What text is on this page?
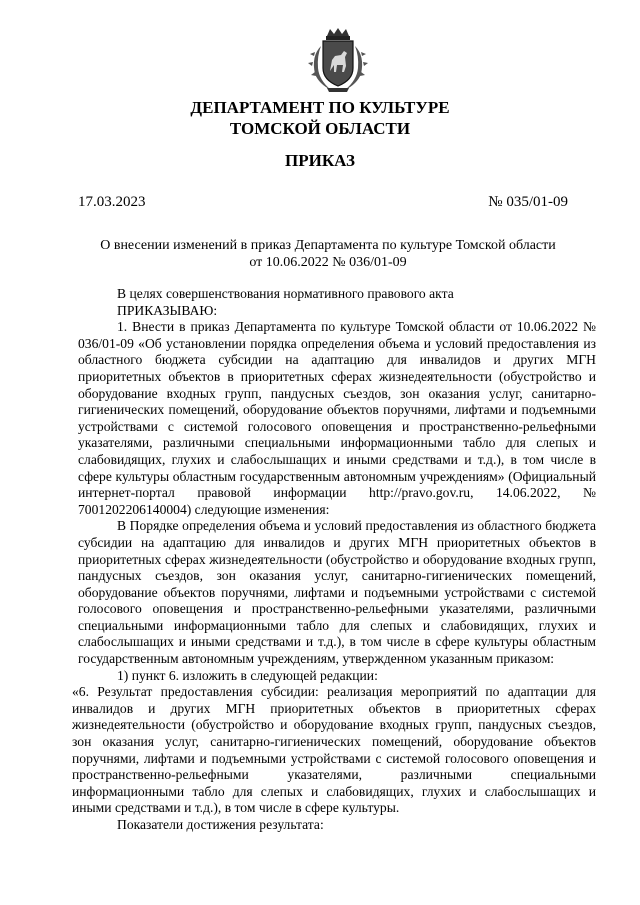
ДЕПАРТАМЕНТ ПО КУЛЬТУРЕ
ТОМСКОЙ ОБЛАСТИ
ПРИКАЗ
17.03.2023	№ 035/01-09
О внесении изменений в приказ Департамента по культуре Томской области
от 10.06.2022 № 036/01-09

В целях совершенствования нормативного правового акта

ПРИКАЗЫВАЮ:

1. Внести в приказ Департамента по культуре Томской области от 10.06.2022 № 036/01-09 «Об установлении порядка определения объема и условий предоставления из областного бюджета субсидии на адаптацию для инвалидов и других МГН приоритетных объектов в приоритетных сферах жизнедеятельности (обустройство и оборудование входных групп, пандусных съездов, зон оказания услуг, санитарно-гигиенических помещений, оборудование объектов поручнями, лифтами и подъемными устройствами с системой голосового оповещения и пространственно-рельефными указателями, различными специальными информационными табло для слепых и слабовидящих, глухих и слабослышащих и иными средствами и т.д.), в том числе в сфере культуры областным государственным автономным учреждениям» (Официальный интернет-портал правовой информации http://pravo.gov.ru, 14.06.2022, № 7001202206140004) следующие изменения:

В Порядке определения объема и условий предоставления из областного бюджета субсидии на адаптацию для инвалидов и других МГН приоритетных объектов в приоритетных сферах жизнедеятельности (обустройство и оборудование входных групп, пандусных съездов, зон оказания услуг, санитарно-гигиенических помещений, оборудование объектов поручнями, лифтами и подъемными устройствами с системой голосового оповещения и пространственно-рельефными указателями, различными специальными информационными табло для слепых и слабовидящих, глухих и слабослышащих и иными средствами и т.д.), в том числе в сфере культуры областным государственным автономным учреждениям, утвержденном указанным приказом:

1) пункт 6. изложить в следующей редакции:

«6. Результат предоставления субсидии: реализация мероприятий по адаптации для инвалидов и других МГН приоритетных объектов в приоритетных сферах жизнедеятельности (обустройство и оборудование входных групп, пандусных съездов, зон оказания услуг, санитарно-гигиенических помещений, оборудование объектов поручнями, лифтами и подъемными устройствами с системой голосового оповещения и пространственно-рельефными указателями, различными специальными информационными табло для слепых и слабовидящих, глухих и слабослышащих и иными средствами и т.д.), в том числе в сфере культуры.

Показатели достижения результата:
